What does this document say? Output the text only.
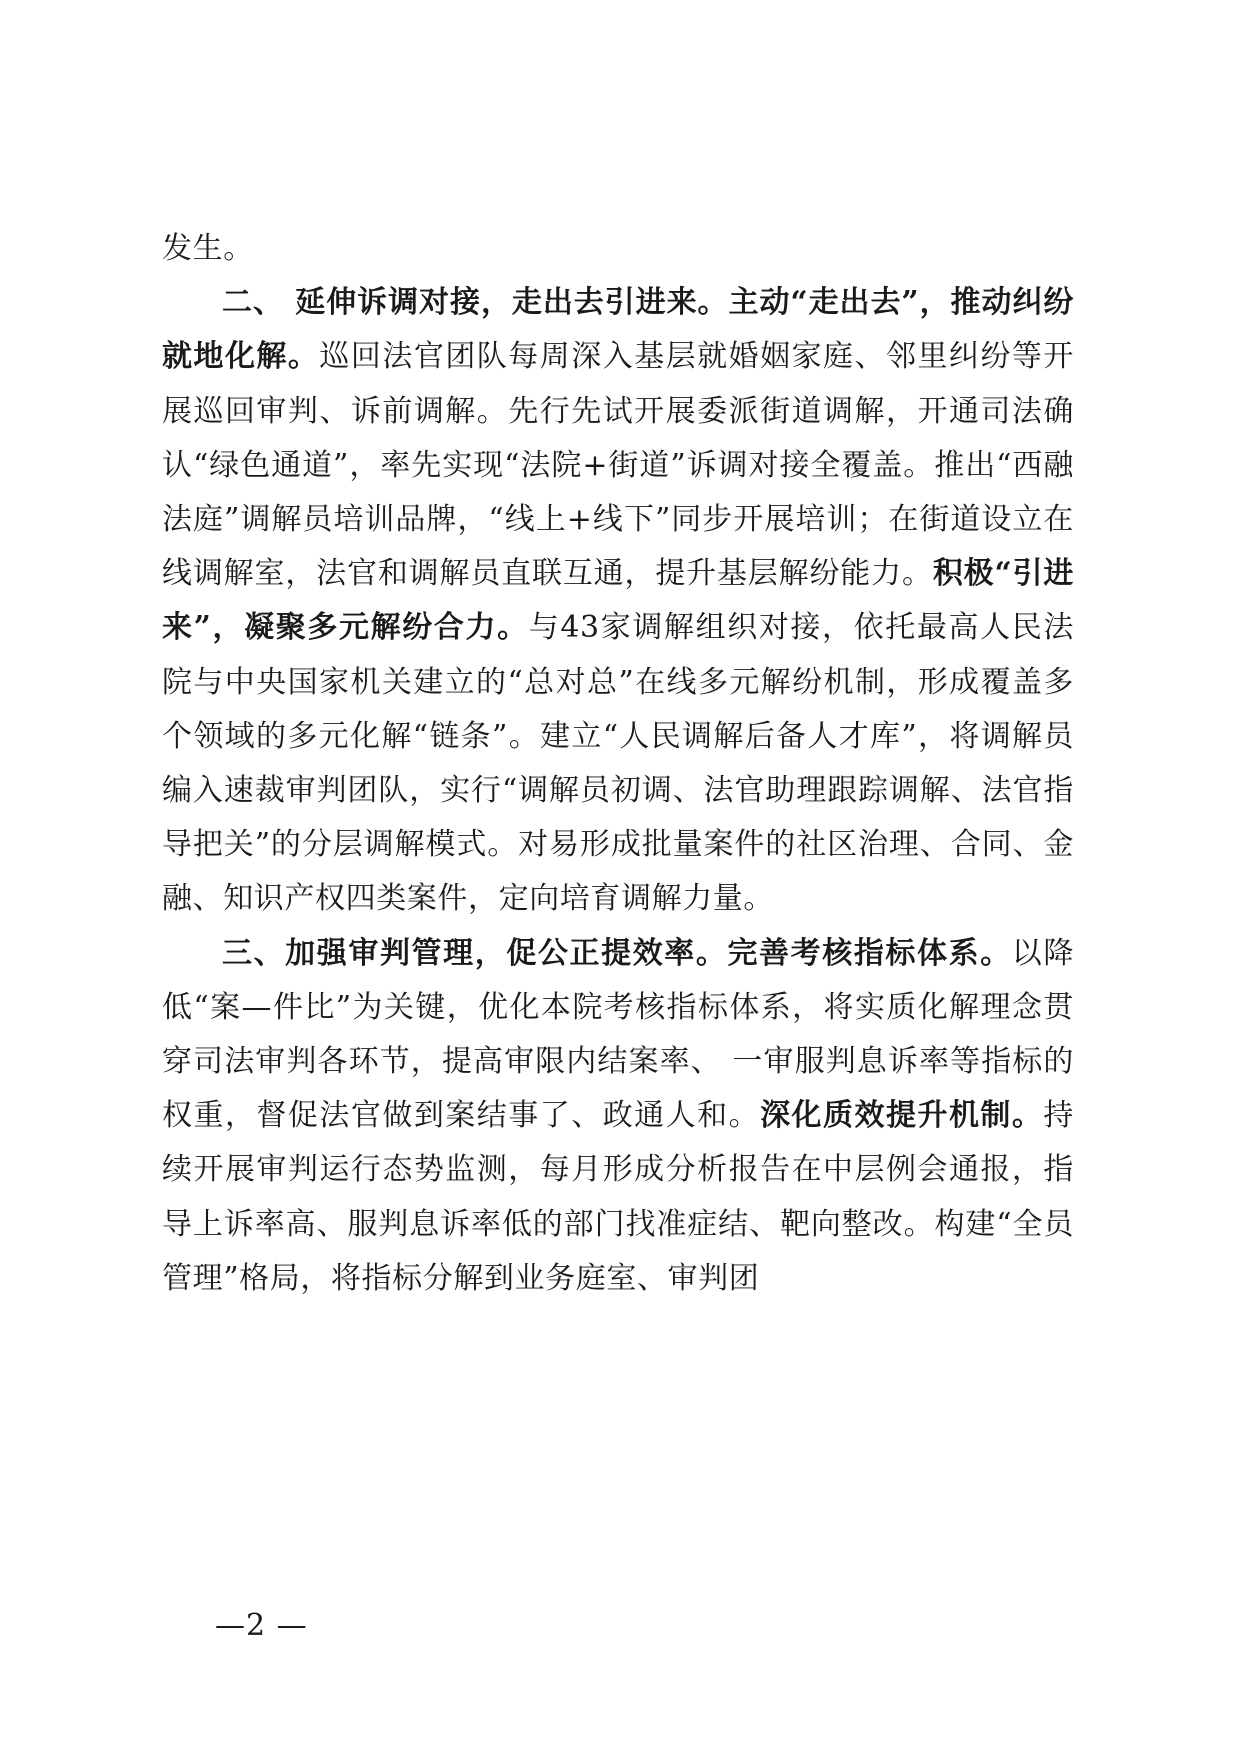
发生。

二、 延伸诉调对接，走出去引进来。主动“走出去”，推动纠纷就地化解。巡回法官团队每周深入基层就婚姻家庭、邻里纠纷等开展巡回审判、诉前调解。先行先试开展委派街道调解，开通司法确认“绿色通道”，率先实现“法院+街道”诉调对接全覆盖。推出“西融法庭”调解员培训品牌，“线上+线下”同步开展培训；在街道设立在线调解室，法官和调解员直联互通，提升基层解纷能力。积极“引进来”，凝聚多元解纷合力。与43家调解组织对接，依托最高人民法院与中央国家机关建立的“总对总”在线多元解纷机制，形成覆盖多个领域的多元化解“链条”。建立“人民调解后备人才库”，将调解员编入速裁审判团队，实行“调解员初调、法官助理跟踪调解、法官指导把关”的分层调解模式。对易形成批量案件的社区治理、合同、金融、知识产权四类案件，定向培育调解力量。

三、加强审判管理，促公正提效率。完善考核指标体系。以降低“案—件比”为关键，优化本院考核指标体系，将实质化解理念贯穿司法审判各环节，提高审限内结案率、 一审服判息诉率等指标的权重，督促法官做到案结事了、政通人和。深化质效提升机制。持续开展审判运行态势监测，每月形成分析报告在中层例会通报，指导上诉率高、服判息诉率低的部门找准症结、靶向整改。构建“全员管理”格局，将指标分解到业务庭室、审判团

—2 —
